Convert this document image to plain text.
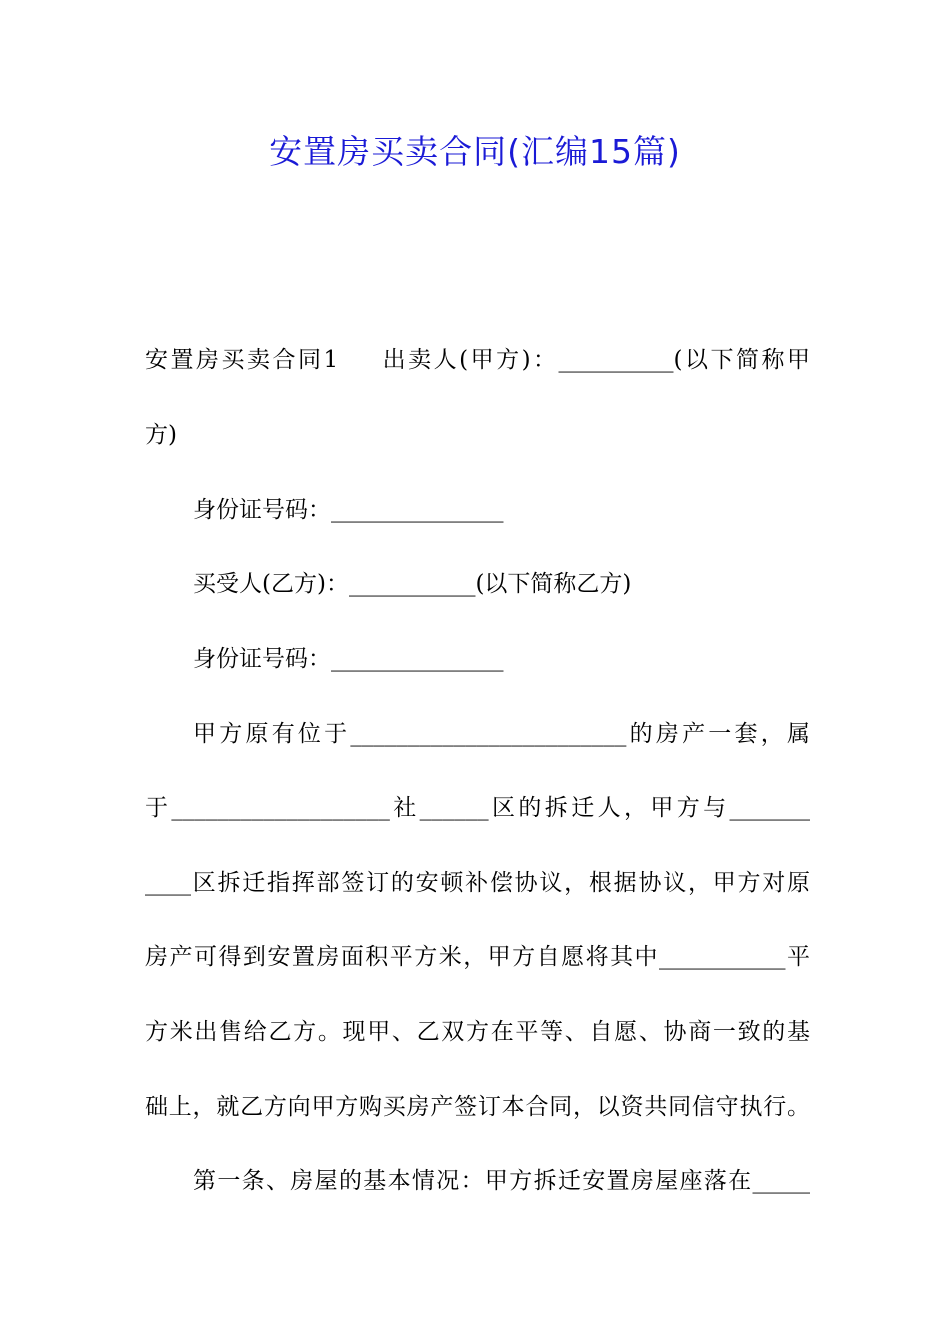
安置房买卖合同(汇编15篇)
安置房买卖合同1 出卖人(甲方)：__________(以下简称甲
方)
身份证号码：_______________
买受人(乙方)：___________(以下简称乙方)
身份证号码：_______________
甲方原有位于________________________的房产一套，属
于___________________社______区的拆迁人，甲方与_______
____区拆迁指挥部签订的安顿补偿协议，根据协议，甲方对原
房产可得到安置房面积平方米，甲方自愿将其中___________平
方米出售给乙方。现甲、乙双方在平等、自愿、协商一致的基
础上，就乙方向甲方购买房产签订本合同，以资共同信守执行。
第一条、房屋的基本情况：甲方拆迁安置房屋座落在_____
